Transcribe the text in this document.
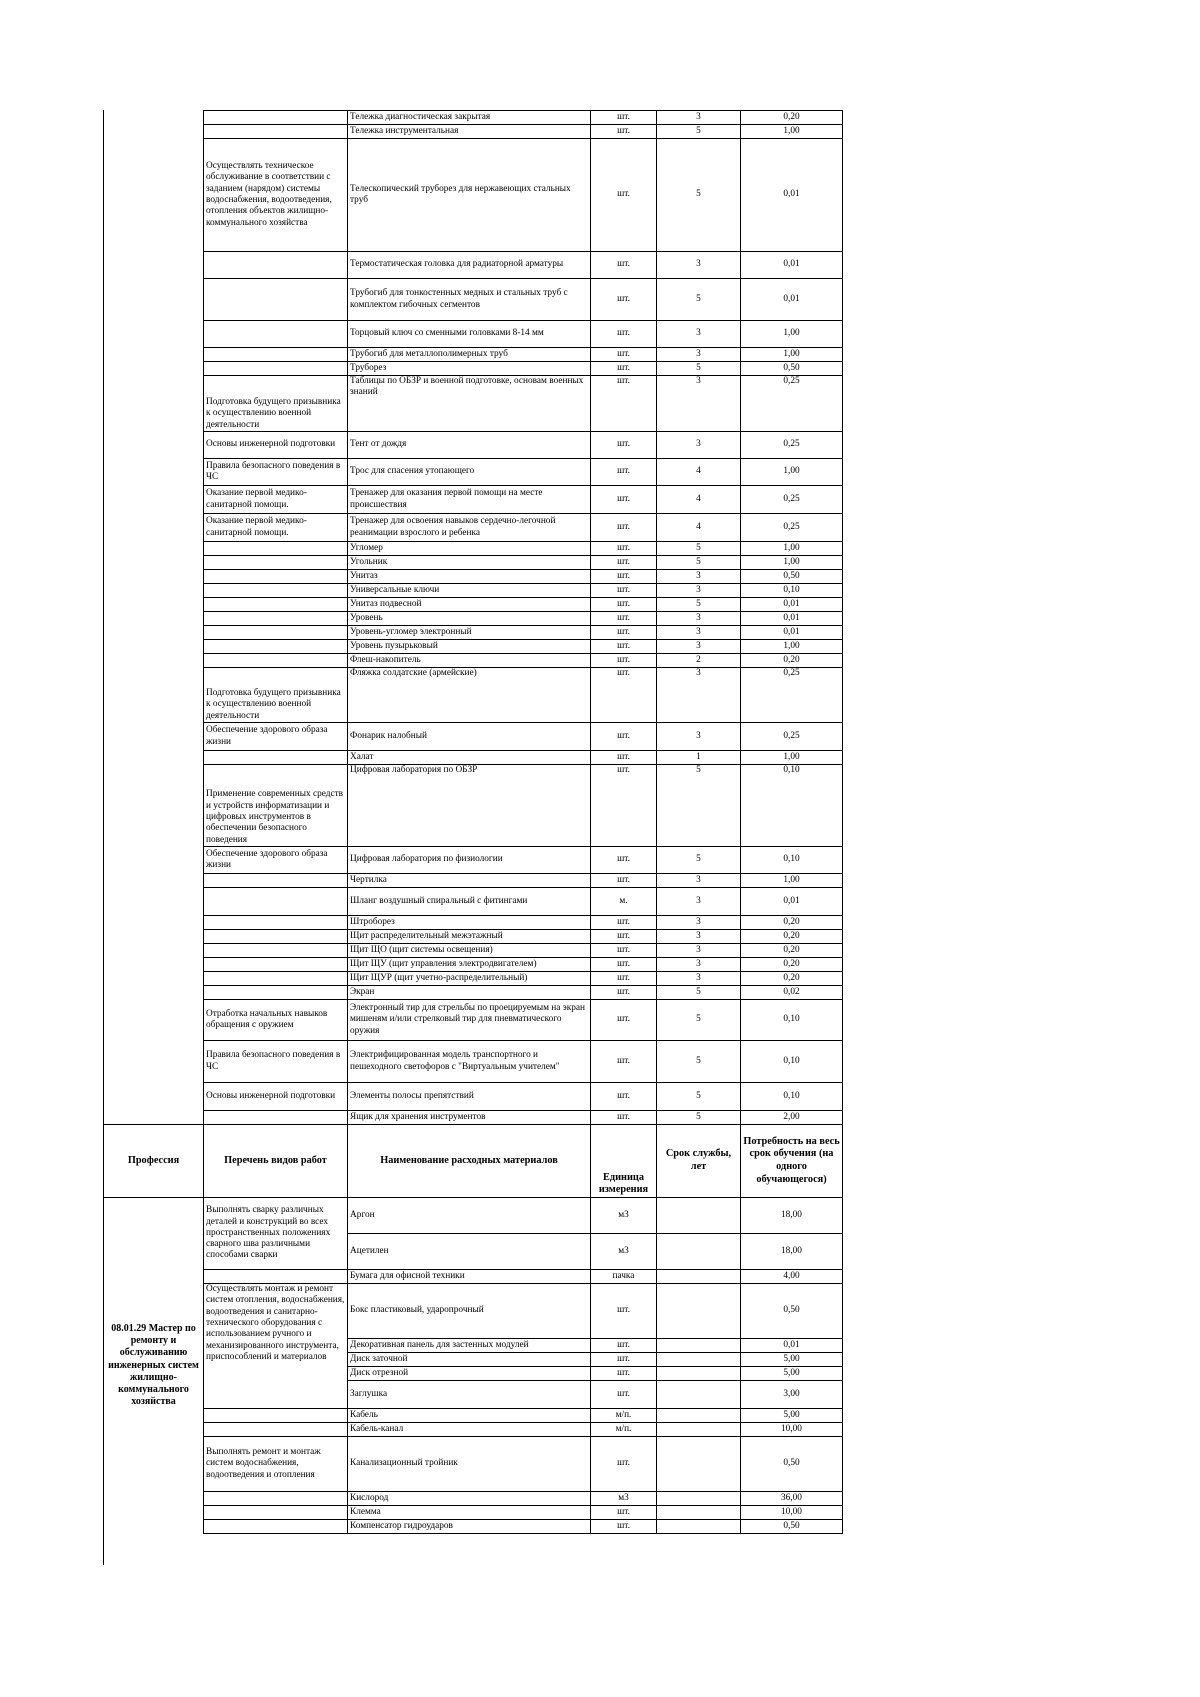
		Тележка диагностическая закрытая	шт.	3	0,20
		Тележка инструментальная	шт.	5	1,00
	Осуществлять техническое обслуживание в соответствии с заданием (нарядом) системы водоснабжения, водоотведения, отопления объектов жилищно-коммунального хозяйства	Телескопический труборез для нержавеющих стальных труб	шт.	5	0,01
		Термостатическая головка для радиаторной арматуры	шт.	3	0,01
		Трубогиб для тонкостенных медных и стальных труб с комплектом гибочных сегментов	шт.	5	0,01
		Торцовый ключ со сменными головками 8-14 мм	шт.	3	1,00
		Трубогиб для металлополимерных труб	шт.	3	1,00
		Труборез	шт.	5	0,50
	Подготовка будущего призывника к осуществлению военной деятельности	Таблицы по ОБЗР и военной подготовке, основам военных знаний	шт.	3	0,25
	Основы инженерной подготовки	Тент от дождя	шт.	3	0,25
	Правила безопасного поведения в ЧС	Трос для спасения утопающего	шт.	4	1,00
	Оказание первой медико-санитарной помощи.	Тренажер для оказания первой помощи на месте происшествия	шт.	4	0,25
	Оказание первой медико-санитарной помощи.	Тренажер для освоения навыков сердечно-легочной реанимации взрослого и ребенка	шт.	4	0,25
		Угломер	шт.	5	1,00
		Угольник	шт.	5	1,00
		Унитаз	шт.	3	0,50
		Универсальные ключи	шт.	3	0,10
		Унитаз подвесной	шт.	5	0,01
		Уровень	шт.	3	0,01
		Уровень-угломер электронный	шт.	3	0,01
		Уровень пузырьковый	шт.	3	1,00
		Флеш-накопитель	шт.	2	0,20
	Подготовка будущего призывника к осуществлению военной деятельности	Фляжка солдатские (армейские)	шт.	3	0,25
	Обеспечение здорового образа жизни	Фонарик налобный	шт.	3	0,25
		Халат	шт.	1	1,00
	Применение современных средств и устройств информатизации и цифровых инструментов в обеспечении безопасного поведения	Цифровая лаборатория по ОБЗР	шт.	5	0,10
	Обеспечение здорового образа жизни	Цифровая лаборатория по физиологии	шт.	5	0,10
		Чертилка	шт.	3	1,00
		Шланг воздушный спиральный с фитингами	м.	3	0,01
		Штроборез	шт.	3	0,20
		Щит распределительный межэтажный	шт.	3	0,20
		Щит ЩО (щит системы освещения)	шт.	3	0,20
		Щит ЩУ (щит управления электродвигателем)	шт.	3	0,20
		Щит ЩУР (щит учетно-распределительный)	шт.	3	0,20
		Экран	шт.	5	0,02
	Отработка начальных навыков обращения с оружием	Электронный тир для стрельбы по проецируемым на экран мишеням и/или стрелковый тир для пневматического оружия	шт.	5	0,10
	Правила безопасного поведения в ЧС	Электрифицированная модель транспортного и пешеходного светофоров с "Виртуальным учителем"	шт.	5	0,10
	Основы инженерной подготовки	Элементы полосы препятствий	шт.	5	0,10
		Ящик для хранения инструментов	шт.	5	2,00
Профессия	Перечень видов работ	Наименование расходных материалов	Единица измерения	Срок службы, лет	Потребность на весь срок обучения (на одного обучающегося)
08.01.29 Мастер по ремонту и обслуживанию инженерных систем жилищно-коммунального хозяйства	Выполнять сварку различных деталей и конструкций во всех пространственных положениях сварного шва различными способами сварки	Аргон	м3		18,00
		Ацетилен	м3		18,00
		Бумага для офисной техники	пачка		4,00
	Осуществлять монтаж и ремонт систем отопления, водоснабжения, водоотведения и санитарно-технического оборудования с использованием ручного и механизированного инструмента, приспособлений и материалов	Бокс пластиковый, ударопрочный	шт.		0,50
		Декоративная панель для застенных модулей	шт.		0,01
		Диск заточной	шт.		5,00
		Диск отрезной	шт.		5,00
		Заглушка	шт.		3,00
		Кабель	м/п.		5,00
		Кабель-канал	м/п.		10,00
	Выполнять ремонт и монтаж систем водоснабжения, водоотведения и отопления	Канализационный тройник	шт.		0,50
		Кислород	м3		36,00
		Клемма	шт.		10,00
		Компенсатор гидроударов	шт.		0,50
